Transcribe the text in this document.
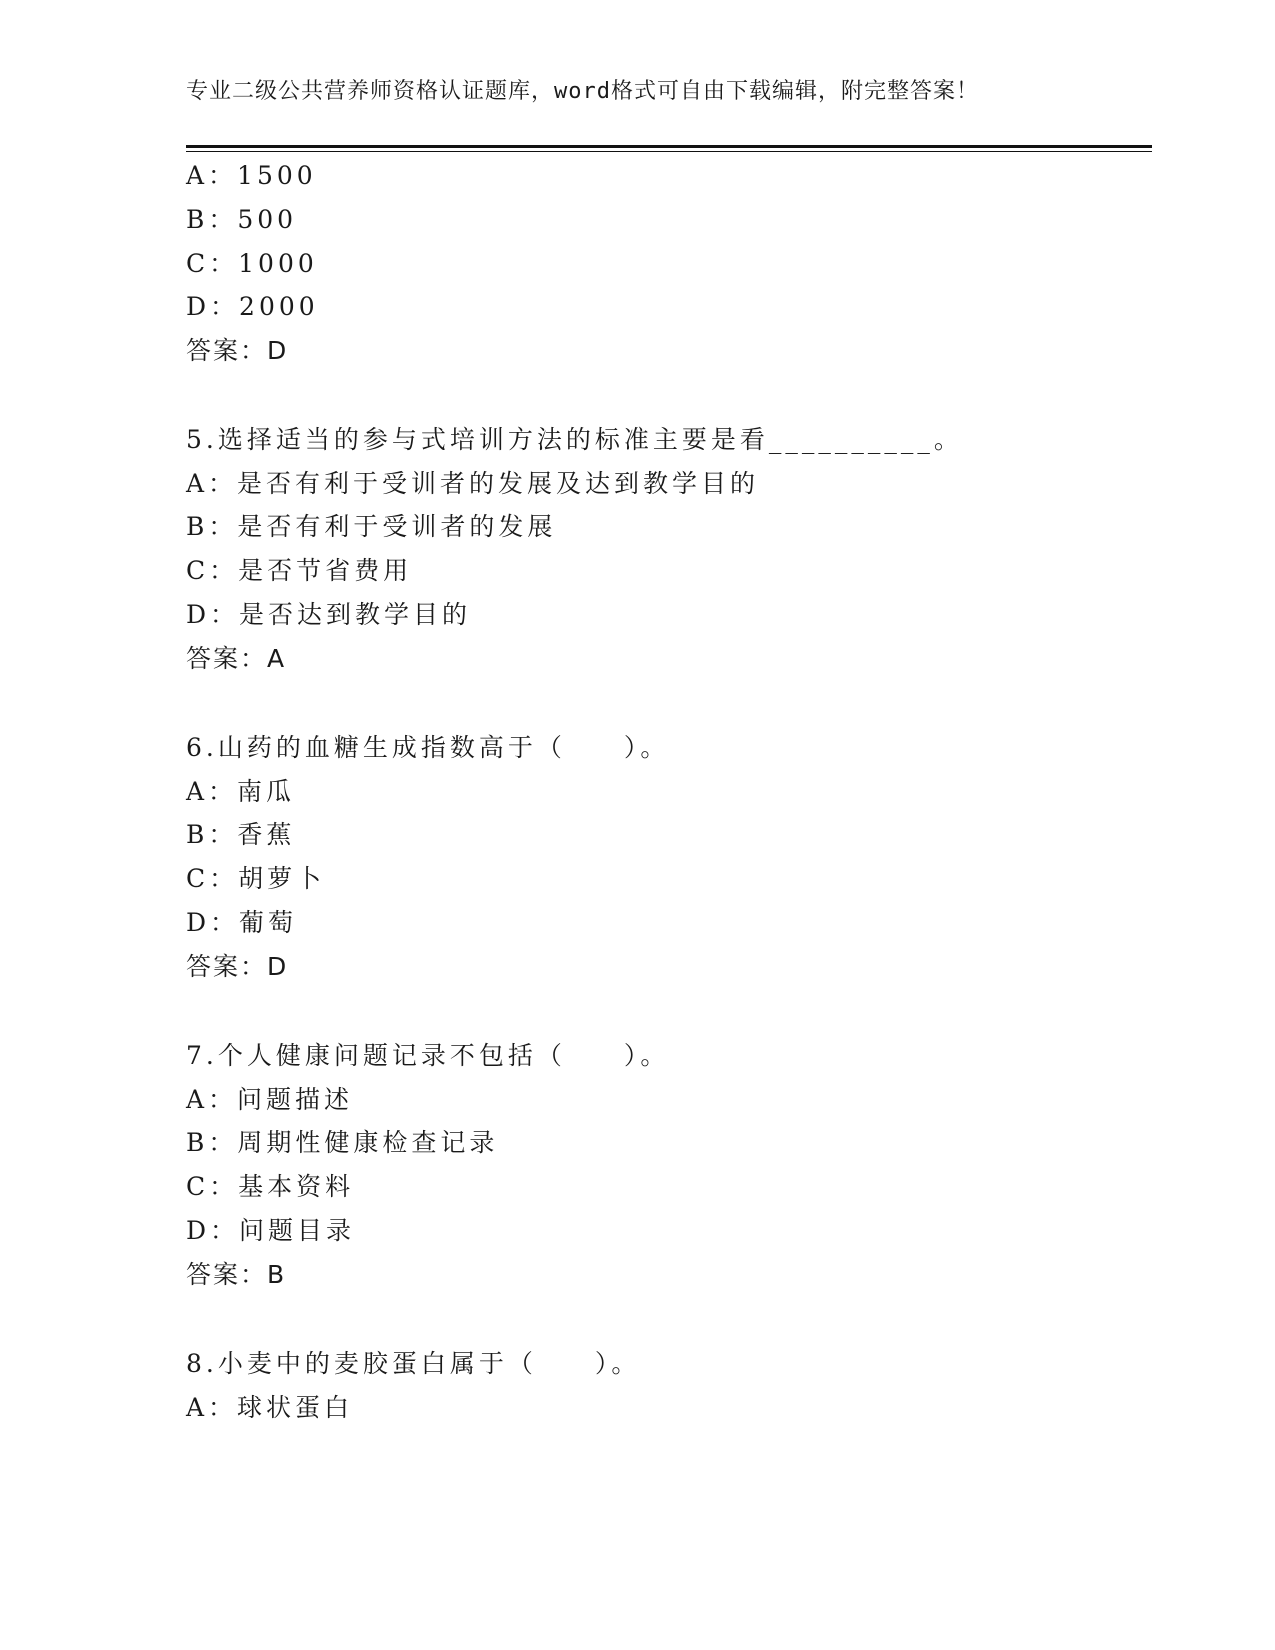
专业二级公共营养师资格认证题库，word格式可自由下载编辑，附完整答案！
A：1500
B：500
C：1000
D：2000
答案：D
5.选择适当的参与式培训方法的标准主要是看__________。
A：是否有利于受训者的发展及达到教学目的
B：是否有利于受训者的发展
C：是否节省费用
D：是否达到教学目的
答案：A
6.山药的血糖生成指数高于（　　）。
A：南瓜
B：香蕉
C：胡萝卜
D：葡萄
答案：D
7.个人健康问题记录不包括（　　）。
A：问题描述
B：周期性健康检查记录
C：基本资料
D：问题目录
答案：B
8.小麦中的麦胶蛋白属于（　　）。
A：球状蛋白
